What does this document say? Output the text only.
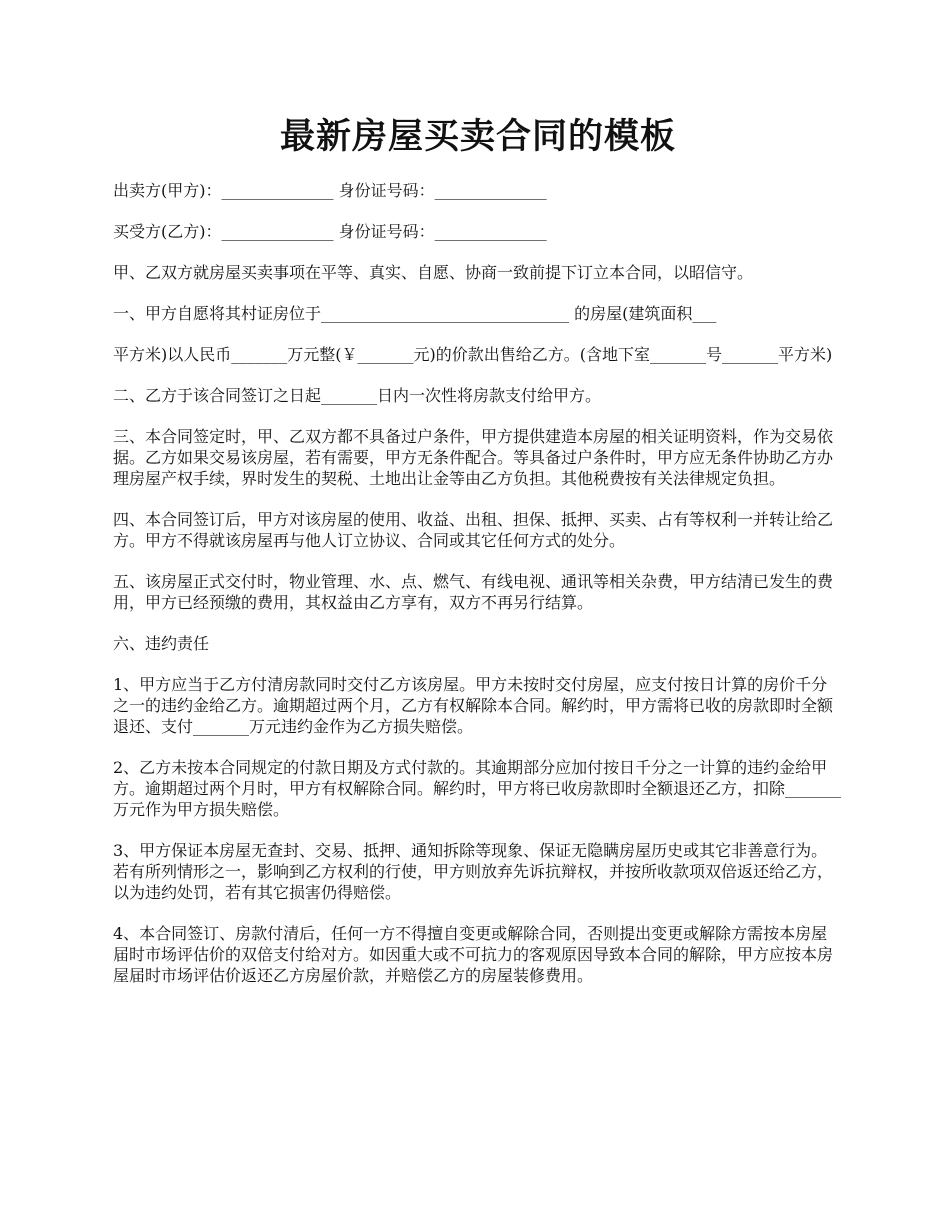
最新房屋买卖合同的模板

出卖方(甲方)：______________ 身份证号码：______________

买受方(乙方)：______________ 身份证号码：______________

甲、乙双方就房屋买卖事项在平等、真实、自愿、协商一致前提下订立本合同，以昭信守。

一、甲方自愿将其村证房位于_______________________________ 的房屋(建筑面积___

平方米)以人民币_______万元整(￥_______元)的价款出售给乙方。(含地下室_______号_______平方米)

二、乙方于该合同签订之日起_______日内一次性将房款支付给甲方。

三、本合同签定时，甲、乙双方都不具备过户条件，甲方提供建造本房屋的相关证明资料，作为交易依据。乙方如果交易该房屋，若有需要，甲方无条件配合。等具备过户条件时，甲方应无条件协助乙方办理房屋产权手续，界时发生的契税、土地出让金等由乙方负担。其他税费按有关法律规定负担。

四、本合同签订后，甲方对该房屋的使用、收益、出租、担保、抵押、买卖、占有等权利一并转让给乙方。甲方不得就该房屋再与他人订立协议、合同或其它任何方式的处分。

五、该房屋正式交付时，物业管理、水、点、燃气、有线电视、通讯等相关杂费，甲方结清已发生的费用，甲方已经预缴的费用，其权益由乙方享有，双方不再另行结算。

六、违约责任

1、甲方应当于乙方付清房款同时交付乙方该房屋。甲方未按时交付房屋，应支付按日计算的房价千分之一的违约金给乙方。逾期超过两个月，乙方有权解除本合同。解约时，甲方需将已收的房款即时全额退还、支付_______万元违约金作为乙方损失赔偿。

2、乙方未按本合同规定的付款日期及方式付款的。其逾期部分应加付按日千分之一计算的违约金给甲方。逾期超过两个月时，甲方有权解除合同。解约时，甲方将已收房款即时全额退还乙方，扣除_______万元作为甲方损失赔偿。

3、甲方保证本房屋无查封、交易、抵押、通知拆除等现象、保证无隐瞒房屋历史或其它非善意行为。若有所列情形之一，影响到乙方权利的行使，甲方则放弃先诉抗辩权，并按所收款项双倍返还给乙方，以为违约处罚，若有其它损害仍得赔偿。

4、本合同签订、房款付清后，任何一方不得擅自变更或解除合同，否则提出变更或解除方需按本房屋届时市场评估价的双倍支付给对方。如因重大或不可抗力的客观原因导致本合同的解除，甲方应按本房屋届时市场评估价返还乙方房屋价款，并赔偿乙方的房屋装修费用。
